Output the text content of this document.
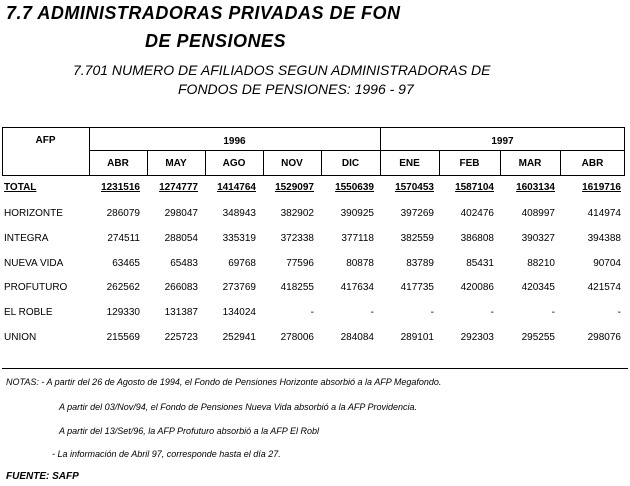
7.7 ADMINISTRADORAS PRIVADAS DE FON
DE PENSIONES
7.701 NUMERO DE AFILIADOS SEGUN ADMINISTRADORAS DE
FONDOS DE PENSIONES: 1996 - 97
AFP	1996	1997
ABR	MAY	AGO	NOV	DIC	ENE	FEB	MAR	ABR
TOTAL	1231516	1274777	1414764	1529097	1550639	1570453	1587104	1603134	1619716
HORIZONTE	286079	298047	348943	382902	390925	397269	402476	408997	414974
INTEGRA	274511	288054	335319	372338	377118	382559	386808	390327	394388
NUEVA VIDA	63465	65483	69768	77596	80878	83789	85431	88210	90704
PROFUTURO	262562	266083	273769	418255	417634	417735	420086	420345	421574
EL ROBLE	129330	131387	134024	-	-	-	-	-	-
UNION	215569	225723	252941	278006	284084	289101	292303	295255	298076
NOTAS: - A partir del 26 de Agosto de 1994, el Fondo de Pensiones Horizonte absorbió a la AFP Megafondo.
A partir del 03/Nov/94, el Fondo de Pensiones Nueva Vida absorbió a la AFP Providencia.
A partir del 13/Set/96, la AFP Profuturo absorbió a la AFP El Robl
- La información de Abril 97, corresponde hasta el día 27.
FUENTE: SAFP
